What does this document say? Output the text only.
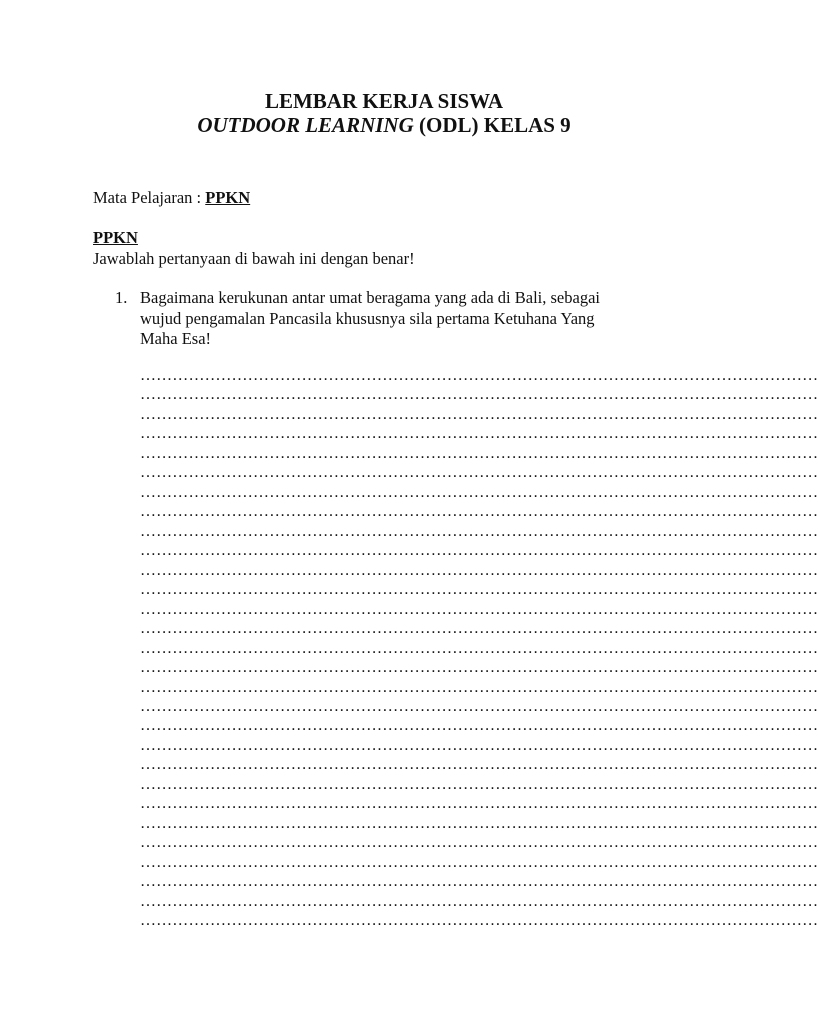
LEMBAR KERJA SISWA
OUTDOOR LEARNING (ODL) KELAS 9
Mata Pelajaran : PPKN
PPKN
Jawablah pertanyaan di bawah ini dengan benar!
1. Bagaimana kerukunan antar umat beragama yang ada di Bali, sebagai
wujud pengamalan Pancasila khususnya sila pertama Ketuhana Yang
Maha Esa!
………………………………………………………………………………………………………………
………………………………………………………………………………………………………………
………………………………………………………………………………………………………………
………………………………………………………………………………………………………………
………………………………………………………………………………………………………………
………………………………………………………………………………………………………………
………………………………………………………………………………………………………………
………………………………………………………………………………………………………………
………………………………………………………………………………………………………………
………………………………………………………………………………………………………………
………………………………………………………………………………………………………………
………………………………………………………………………………………………………………
………………………………………………………………………………………………………………
………………………………………………………………………………………………………………
………………………………………………………………………………………………………………
………………………………………………………………………………………………………………
………………………………………………………………………………………………………………
………………………………………………………………………………………………………………
………………………………………………………………………………………………………………
………………………………………………………………………………………………………………
………………………………………………………………………………………………………………
………………………………………………………………………………………………………………
………………………………………………………………………………………………………………
………………………………………………………………………………………………………………
………………………………………………………………………………………………………………
………………………………………………………………………………………………………………
………………………………………………………………………………………………………………
………………………………………………………………………………………………………………
………………………………………………………………………………………………………………
